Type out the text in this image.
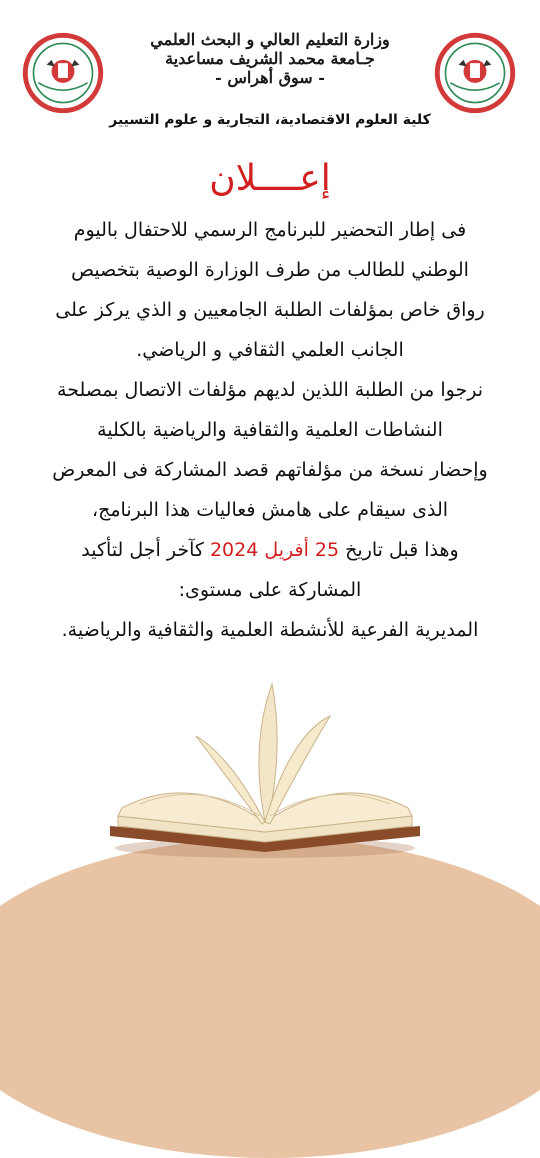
وزارة التعليم العالي و البحث العلمي
جـامعة محمد الشريف مساعدية
- سوق أهراس -
كلية العلوم الاقتصادية، التجارية و علوم التسيير
إعــــلان
فى إطار التحضير للبرنامج الرسمي للاحتفال باليوم
الوطني للطالب من طرف الوزارة الوصية بتخصيص
رواق خاص بمؤلفات الطلبة الجامعيين و الذي يركز على
الجانب العلمي الثقافي و الرياضي.
نرجوا من الطلبة اللذين لديهم مؤلفات الاتصال بمصلحة
النشاطات العلمية والثقافية والرياضية بالكلية
وإحضار نسخة من مؤلفاتهم قصد المشاركة فى المعرض
الذى سيقام على هامش فعاليات هذا البرنامج،
وهذا قبل تاريخ 25 أفريل 2024 كآخر أجل لتأكيد
المشاركة على مستوى:
المديرية الفرعية للأنشطة العلمية والثقافية والرياضية.
